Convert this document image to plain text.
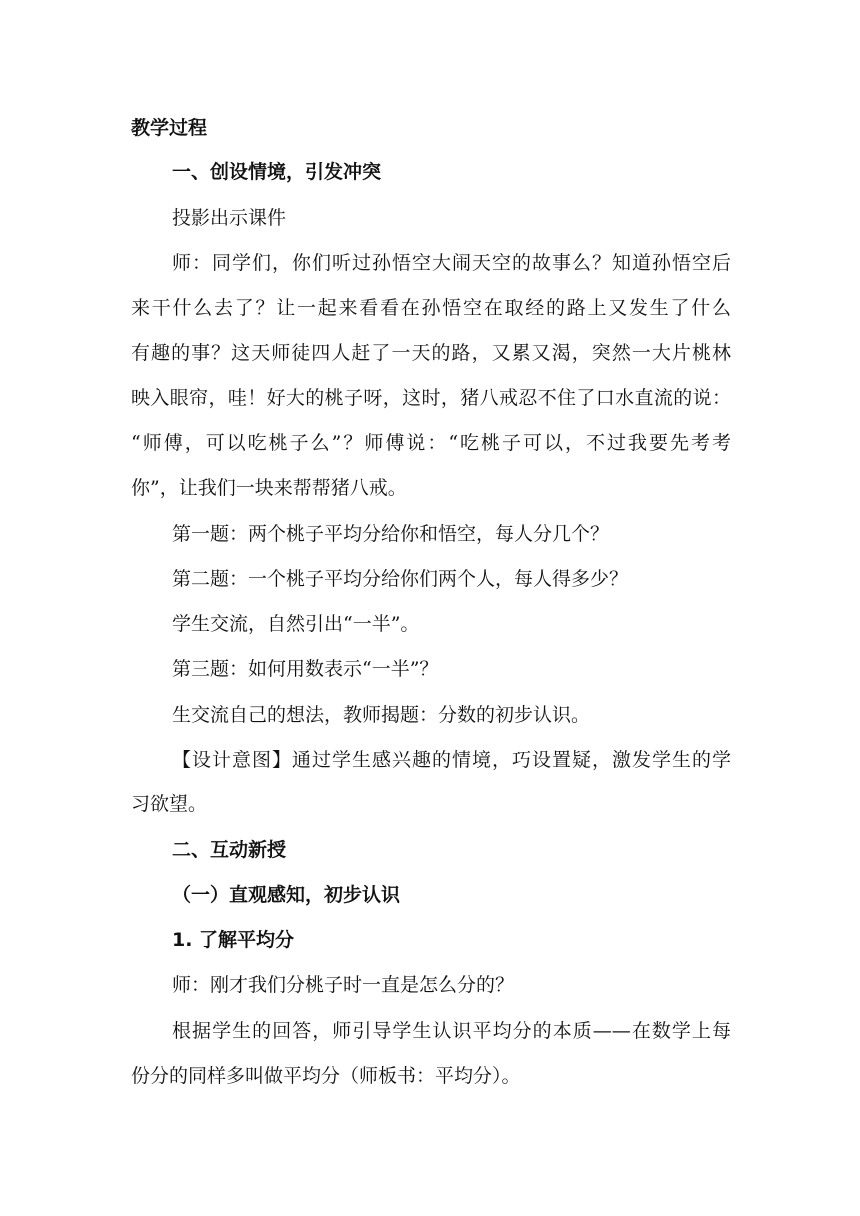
教学过程
一、创设情境，引发冲突
投影出示课件
师：同学们，你们听过孙悟空大闹天空的故事么？知道孙悟空后
来干什么去了？让一起来看看在孙悟空在取经的路上又发生了什么
有趣的事？这天师徒四人赶了一天的路，又累又渴，突然一大片桃林
映入眼帘，哇！好大的桃子呀，这时，猪八戒忍不住了口水直流的说：
“师傅，可以吃桃子么”？师傅说：“吃桃子可以，不过我要先考考
你”，让我们一块来帮帮猪八戒。
第一题：两个桃子平均分给你和悟空，每人分几个？
第二题：一个桃子平均分给你们两个人，每人得多少？
学生交流，自然引出“一半”。
第三题：如何用数表示“一半”？
生交流自己的想法，教师揭题：分数的初步认识。
【设计意图】通过学生感兴趣的情境，巧设置疑，激发学生的学
习欲望。
二、互动新授
（一）直观感知，初步认识
1. 了解平均分
师：刚才我们分桃子时一直是怎么分的？
根据学生的回答，师引导学生认识平均分的本质——在数学上每
份分的同样多叫做平均分（师板书：平均分）。
